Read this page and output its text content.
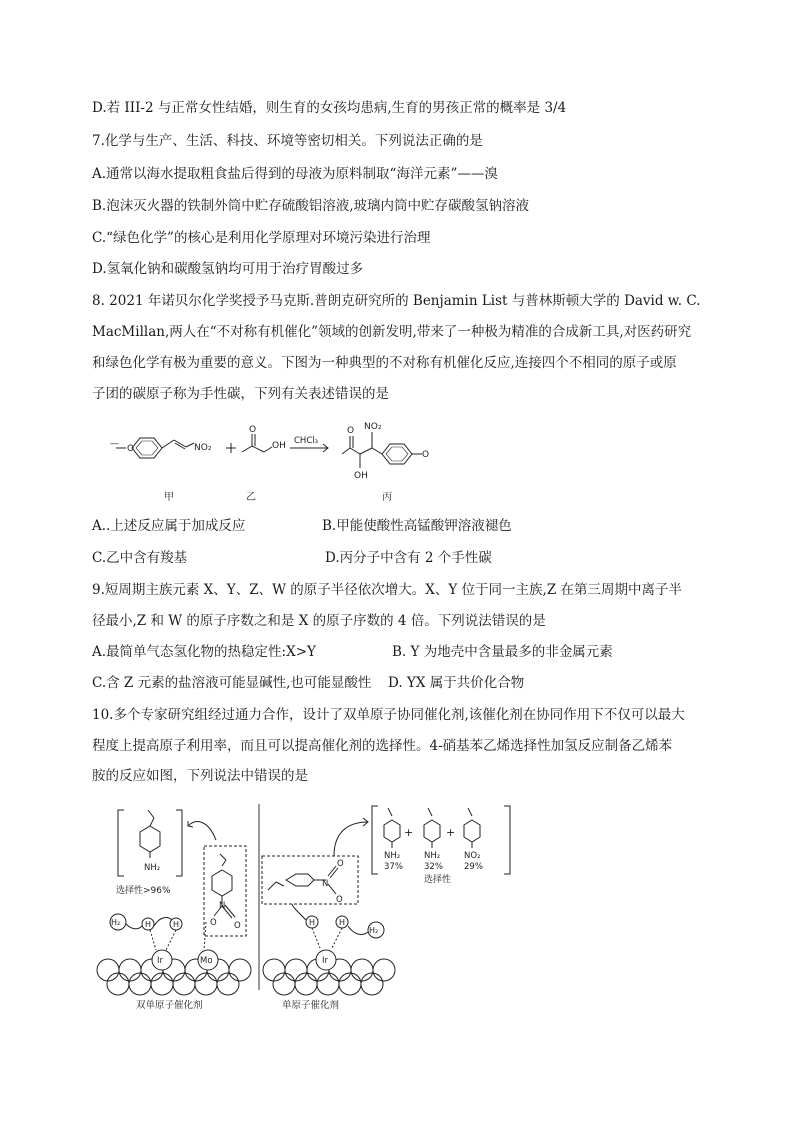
D.若 III-2 与正常女性结婚，则生育的女孩均患病,生育的男孩正常的概率是 3/4
7.化学与生产、生活、科技、环境等密切相关。下列说法正确的是
A.通常以海水提取粗食盐后得到的母液为原料制取“海洋元素”——溴
B.泡沫灭火器的铁制外筒中贮存硫酸铝溶液,玻璃内筒中贮存碳酸氢钠溶液
C.“绿色化学”的核心是利用化学原理对环境污染进行治理
D.氢氧化钠和碳酸氢钠均可用于治疗胃酸过多
8. 2021 年诺贝尔化学奖授予马克斯.普朗克研究所的 Benjamin List 与普林斯顿大学的 David w. C.
MacMillan,两人在“不对称有机催化”领域的创新发明,带来了一种极为精准的合成新工具,对医药研究
和绿色化学有极为重要的意义。下图为一种典型的不对称有机催化反应,连接四个不相同的原子或原
子团的碳原子称为手性碳，下列有关表述错误的是
— O	NO₂
O
OH CHCl₃
O NO₂
OH
O
甲	乙	丙
A..上述反应属于加成反应	B.甲能使酸性高锰酸钾溶液褪色
C.乙中含有羧基	D.丙分子中含有 2 个手性碳
9.短周期主族元素 X、Y、Z、W 的原子半径依次增大。X、Y 位于同一主族,Z 在第三周期中离子半
径最小,Z 和 W 的原子序数之和是 X 的原子序数的 4 倍。下列说法错误的是
A.最简单气态氢化物的热稳定性:X>Y	B. Y 为地壳中含量最多的非金属元素
C.含 Z 元素的盐溶液可能显碱性,也可能显酸性 D. YX 属于共价化合物
10.多个专家研究组经过通力合作，设计了双单原子协同催化剂,该催化剂在协同作用下不仅可以最大
程度上提高原子利用率，而且可以提高催化剂的选择性。4-硝基苯乙烯选择性加氢反应制备乙烯苯
胺的反应如图，下列说法中错误的是
NH₂
选择性>96%
O
N
O
H₂	H	H
Ir	Mo
双单原子催化剂
N
O
O
H	H
H₂
Ir
+	+
NH₂	NH₂	NO₂
37% 32% 29%
选择性
单原子催化剂
